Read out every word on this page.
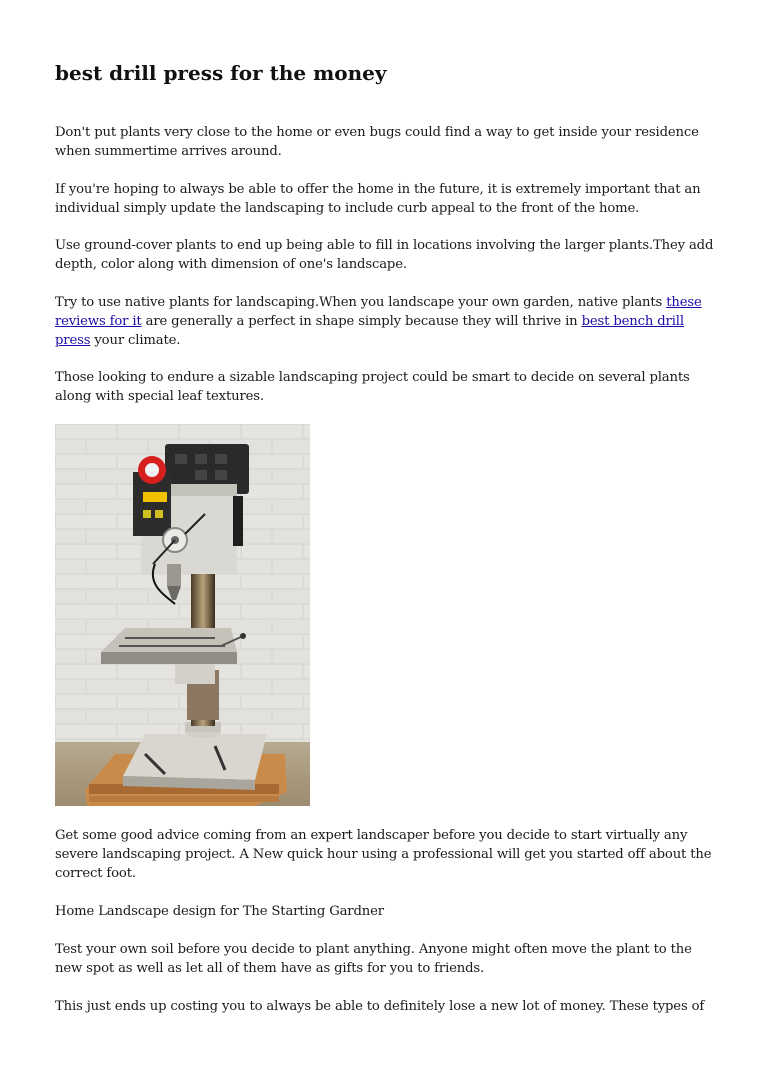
best drill press for the money

Don't put plants very close to the home or even bugs could find a way to get inside your residence when summertime arrives around.

If you're hoping to always be able to offer the home in the future, it is extremely important that an individual simply update the landscaping to include curb appeal to the front of the home.

Use ground-cover plants to end up being able to fill in locations involving the larger plants.They add depth, color along with dimension of one's landscape.

Try to use native plants for landscaping.When you landscape your own garden, native plants these reviews for it are generally a perfect in shape simply because they will thrive in best bench drill press your climate.

Those looking to endure a sizable landscaping project could be smart to decide on several plants along with special leaf textures.

Get some good advice coming from an expert landscaper before you decide to start virtually any severe landscaping project. A New quick hour using a professional will get you started off about the correct foot.

Home Landscape design for The Starting Gardner

Test your own soil before you decide to plant anything. Anyone might often move the plant to the new spot as well as let all of them have as gifts for you to friends.

This just ends up costing you to always be able to definitely lose a new lot of money. These types of
